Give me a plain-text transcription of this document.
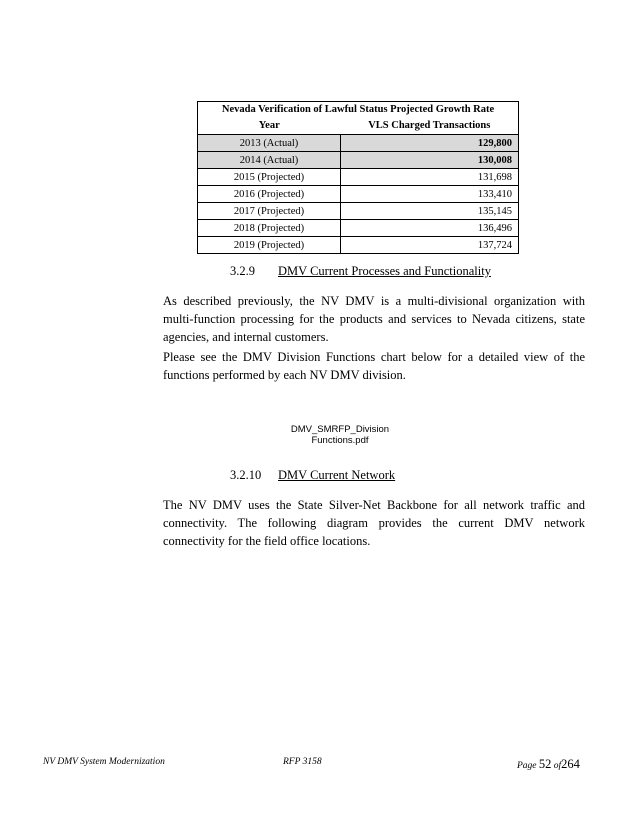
Nevada Verification of Lawful Status Projected Growth Rate	
Year	VLS Charged Transactions
2013 (Actual)	129,800
2014 (Actual)	130,008
2015 (Projected)	131,698
2016 (Projected)	133,410
2017 (Projected)	135,145
2018 (Projected)	136,496
2019 (Projected)	137,724
3.2.9 DMV Current Processes and Functionality

As described previously, the NV DMV is a multi-divisional organization with multi-function processing for the products and services to Nevada citizens, state agencies, and internal customers.

Please see the DMV Division Functions chart below for a detailed view of the functions performed by each NV DMV division.

DMV_SMRFP_Division
Functions.pdf
3.2.10 DMV Current Network

The NV DMV uses the State Silver-Net Backbone for all network traffic and connectivity. The following diagram provides the current DMV network connectivity for the field office locations.

NV DMV System Modernization	RFP 3158	Page 52 of264
